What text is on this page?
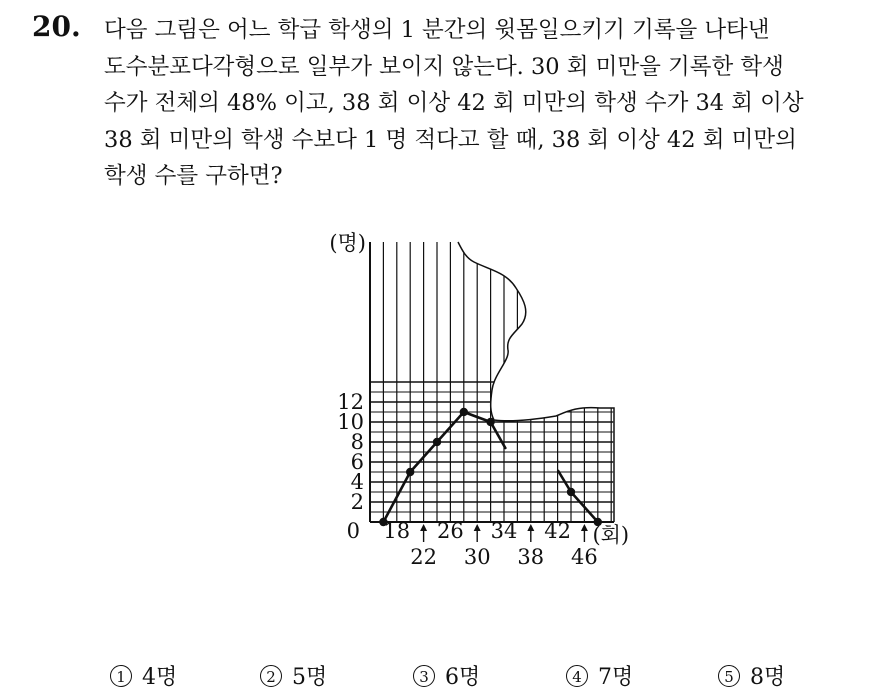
20. 다음 그림은 어느 학급 학생의 1 분간의 윗몸일으키기 기록을 나타낸
도수분포다각형으로 일부가 보이지 않는다. 30 회 미만을 기록한 학생
수가 전체의 48% 이고, 38 회 이상 42 회 미만의 학생 수가 34 회 이상
38 회 미만의 학생 수보다 1 명 적다고 할 때, 38 회 이상 42 회 미만의
학생 수를 구하면?
(명)
2
4
6
8
10
12
0 18 26 34 42
22 30 38 46
(회)
1 4명	2 5명	3 6명	4 7명	5 8명
